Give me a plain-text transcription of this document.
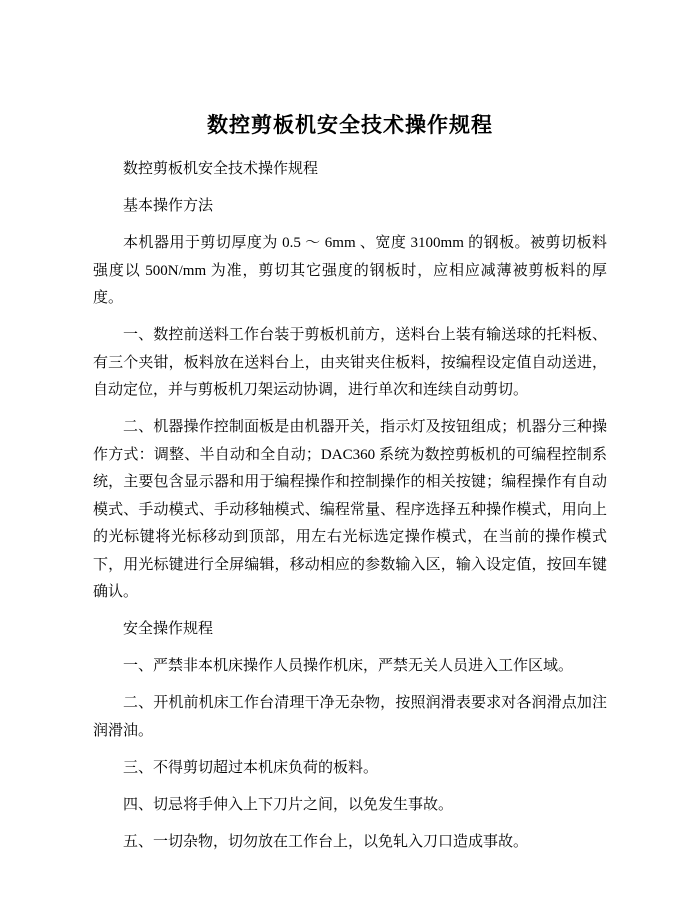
数控剪板机安全技术操作规程

数控剪板机安全技术操作规程

基本操作方法

本机器用于剪切厚度为 0.5 ～ 6mm 、宽度 3100mm 的钢板。被剪切板料强度以 500N/mm 为准，剪切其它强度的钢板时，应相应减薄被剪板料的厚度。

一、数控前送料工作台装于剪板机前方，送料台上装有输送球的托料板、有三个夹钳，板料放在送料台上，由夹钳夹住板料，按编程设定值自动送进，自动定位，并与剪板机刀架运动协调，进行单次和连续自动剪切。

二、机器操作控制面板是由机器开关，指示灯及按钮组成；机器分三种操作方式：调整、半自动和全自动；DAC360 系统为数控剪板机的可编程控制系统，主要包含显示器和用于编程操作和控制操作的相关按键；编程操作有自动模式、手动模式、手动移轴模式、编程常量、程序选择五种操作模式，用向上的光标键将光标移动到顶部，用左右光标选定操作模式，在当前的操作模式下，用光标键进行全屏编辑，移动相应的参数输入区，输入设定值，按回车键确认。

安全操作规程

一、严禁非本机床操作人员操作机床，严禁无关人员进入工作区域。

二、开机前机床工作台清理干净无杂物，按照润滑表要求对各润滑点加注润滑油。

三、不得剪切超过本机床负荷的板料。

四、切忌将手伸入上下刀片之间，以免发生事故。

五、一切杂物，切勿放在工作台上，以免轧入刀口造成事故。
